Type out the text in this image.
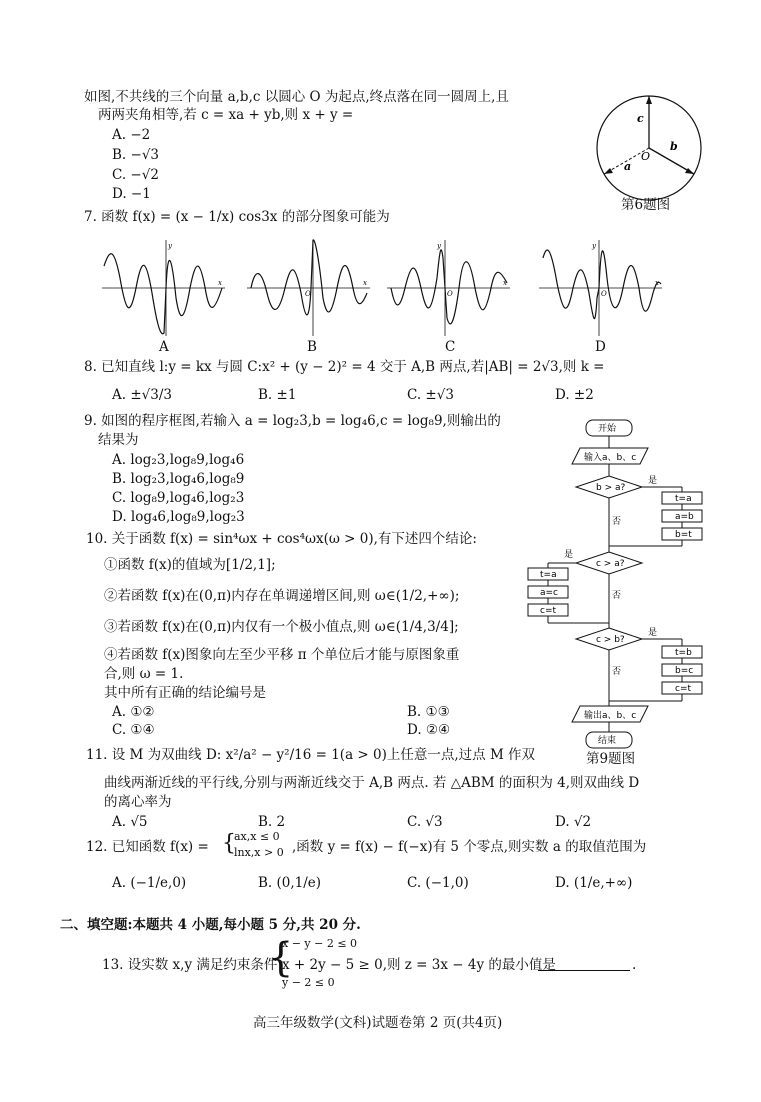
如图,不共线的三个向量 a,b,c 以圆心 O 为起点,终点落在同一圆周上,且
两两夹角相等,若 c = xa + yb,则 x + y =
A. −2
B. −√3
C. −√2
D. −1
c
O
b
a
第6题图
7. 函数 f(x) = (x − 1/x) cos3x 的部分图象可能为
x
y
x
O
x
y
O
x
y
O
A	B	C	D
8. 已知直线 l:y = kx 与圆 C:x² + (y − 2)² = 4 交于 A,B 两点,若|AB| = 2√3,则 k =
A. ±√3/3	B. ±1	C. ±√3	D. ±2
9. 如图的程序框图,若输入 a = log₂3,b = log₄6,c = log₈9,则输出的
结果为
A. log₂3,log₈9,log₄6
B. log₂3,log₄6,log₈9
C. log₈9,log₄6,log₂3
D. log₄6,log₈9,log₂3
开始
输入a、b、c
b > a?
是
否
t=a
a=b
b=t
c > a?
是
否
t=a
a=c
c=t
c > b?
是
否
t=b
b=c
c=t
输出a、b、c
结束
第9题图
10. 关于函数 f(x) = sin⁴ωx + cos⁴ωx(ω > 0),有下述四个结论:
①函数 f(x)的值域为[1/2,1];
②若函数 f(x)在(0,π)内存在单调递增区间,则 ω∈(1/2,+∞);
③若函数 f(x)在(0,π)内仅有一个极小值点,则 ω∈(1/4,3/4];
④若函数 f(x)图象向左至少平移 π 个单位后才能与原图象重
合,则 ω = 1.
其中所有正确的结论编号是
A. ①②	B. ①③
C. ①④	D. ②④
11. 设 M 为双曲线 D: x²/a² − y²/16 = 1(a > 0)上任意一点,过点 M 作双
曲线两渐近线的平行线,分别与两渐近线交于 A,B 两点. 若 △ABM 的面积为 4,则双曲线 D
的离心率为
A. √5	B. 2	C. √3	D. √2
12. 已知函数 f(x) = {
ax,x ≤ 0
lnx,x > 0 ,函数 y = f(x) − f(−x)有 5 个零点,则实数 a 的取值范围为
A. (−1/e,0)	B. (0,1/e)	C. (−1,0)	D. (1/e,+∞)
二、填空题:本题共 4 小题,每小题 5 分,共 20 分.
13. 设实数 x,y 满足约束条件
{
x − y − 2 ≤ 0
x + 2y − 5 ≥ 0,则 z = 3x − 4y 的最小值是	.
y − 2 ≤ 0
高三年级数学(文科)试题卷第 2 页(共4页)
